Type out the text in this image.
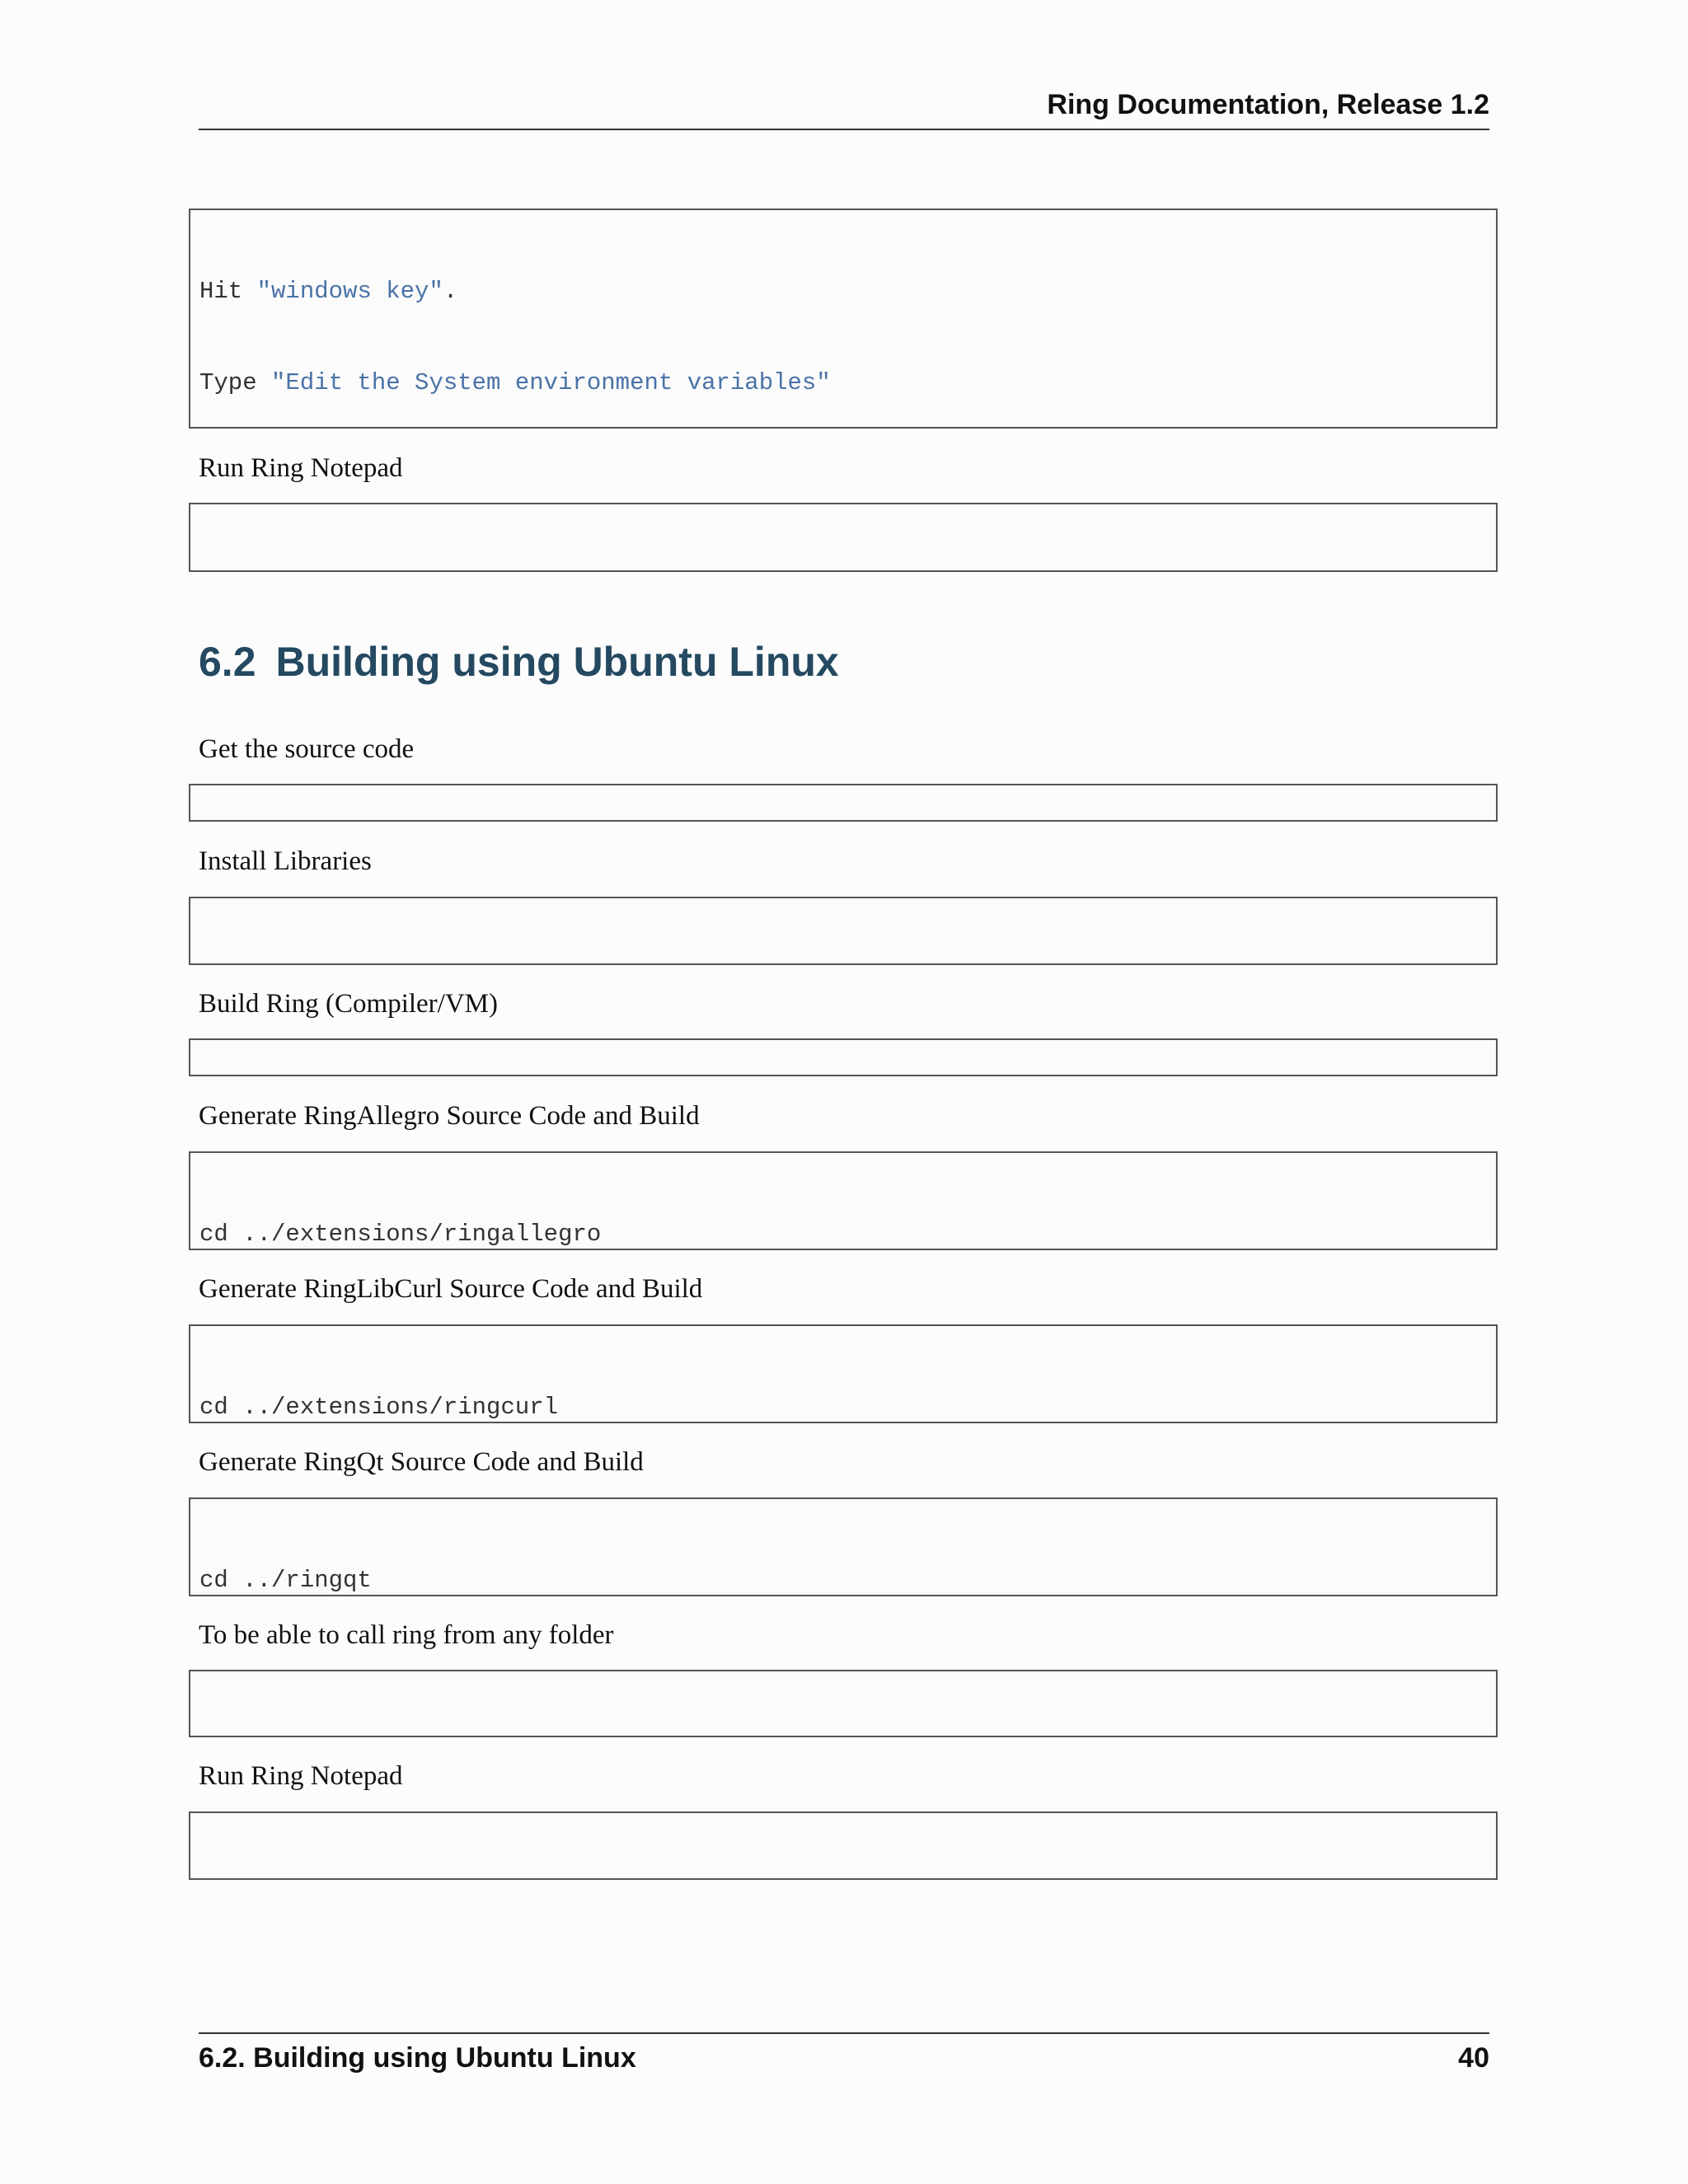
Ring Documentation, Release 1.2

Hit "windows key".

Type "Edit the System environment variables"

Run Ring Notepad

6.2 Building using Ubuntu Linux
Get the source code

Install Libraries

Build Ring (Compiler/VM)

Generate RingAllegro Source Code and Build

cd ../extensions/ringallegro

Generate RingLibCurl Source Code and Build

cd ../extensions/ringcurl

Generate RingQt Source Code and Build

cd ../ringqt

To be able to call ring from any folder

Run Ring Notepad

6.2. Building using Ubuntu Linux	40
